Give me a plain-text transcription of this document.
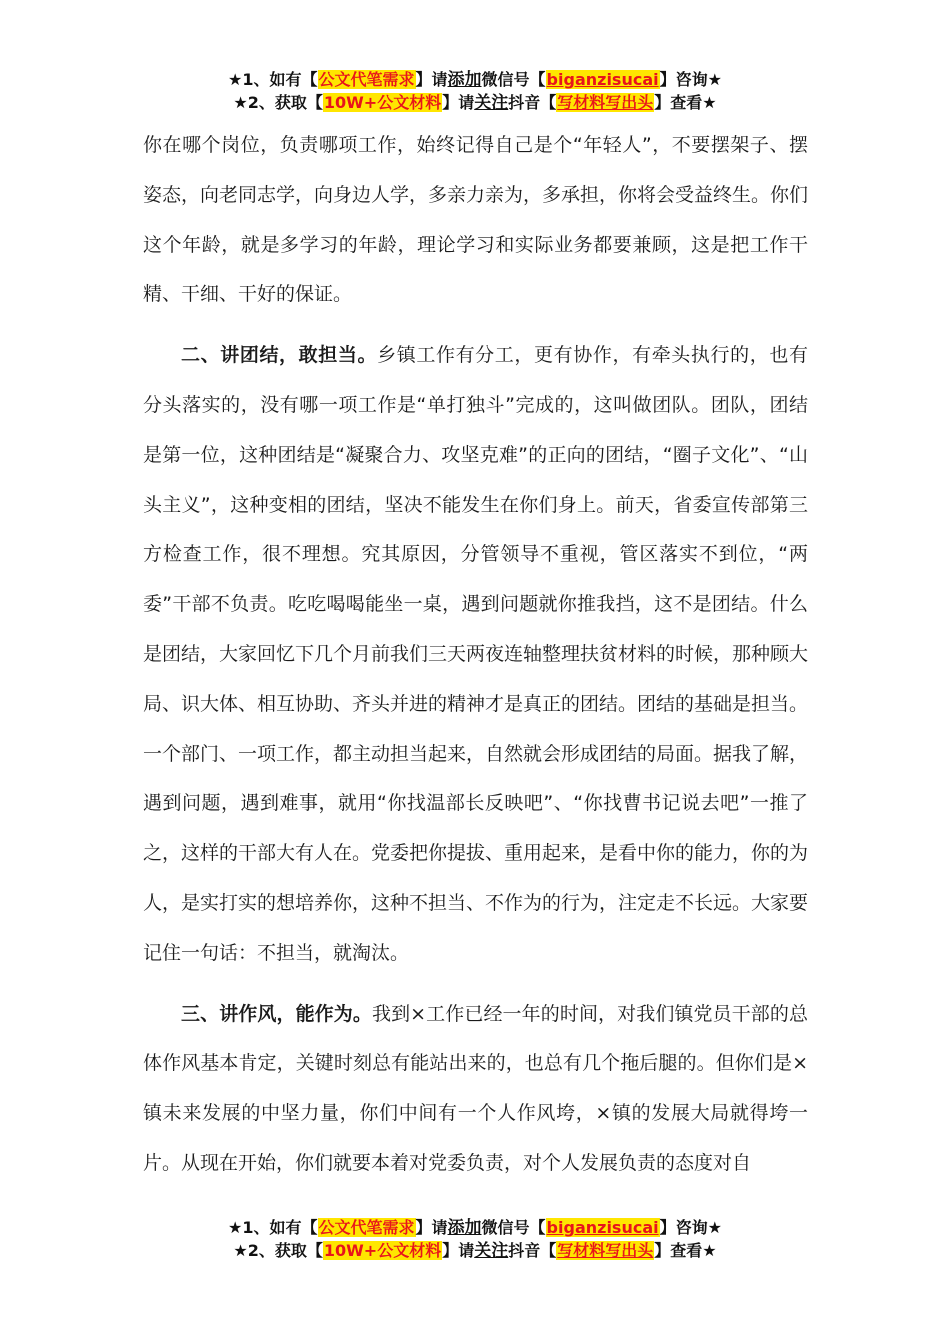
★1、如有【公文代笔需求】请添加微信号【biganzisucai】咨询★
★2、获取【10W+公文材料】请关注抖音【写材料写出头】查看★

你在哪个岗位，负责哪项工作，始终记得自己是个“年轻人”，不要摆架子、摆姿态，向老同志学，向身边人学，多亲力亲为，多承担，你将会受益终生。你们这个年龄，就是多学习的年龄，理论学习和实际业务都要兼顾，这是把工作干精、干细、干好的保证。

二、讲团结，敢担当。乡镇工作有分工，更有协作，有牵头执行的，也有分头落实的，没有哪一项工作是“单打独斗”完成的，这叫做团队。团队，团结是第一位，这种团结是“凝聚合力、攻坚克难”的正向的团结，“圈子文化”、“山头主义”，这种变相的团结，坚决不能发生在你们身上。前天，省委宣传部第三方检查工作，很不理想。究其原因，分管领导不重视，管区落实不到位，“两委”干部不负责。吃吃喝喝能坐一桌，遇到问题就你推我挡，这不是团结。什么是团结，大家回忆下几个月前我们三天两夜连轴整理扶贫材料的时候，那种顾大局、识大体、相互协助、齐头并进的精神才是真正的团结。团结的基础是担当。一个部门、一项工作，都主动担当起来，自然就会形成团结的局面。据我了解，遇到问题，遇到难事，就用“你找温部长反映吧”、“你找曹书记说去吧”一推了之，这样的干部大有人在。党委把你提拔、重用起来，是看中你的能力，你的为人，是实打实的想培养你，这种不担当、不作为的行为，注定走不长远。大家要记住一句话：不担当，就淘汰。

三、讲作风，能作为。我到×工作已经一年的时间，对我们镇党员干部的总体作风基本肯定，关键时刻总有能站出来的，也总有几个拖后腿的。但你们是×镇未来发展的中坚力量，你们中间有一个人作风垮，×镇的发展大局就得垮一片。从现在开始，你们就要本着对党委负责，对个人发展负责的态度对自

★1、如有【公文代笔需求】请添加微信号【biganzisucai】咨询★
★2、获取【10W+公文材料】请关注抖音【写材料写出头】查看★
